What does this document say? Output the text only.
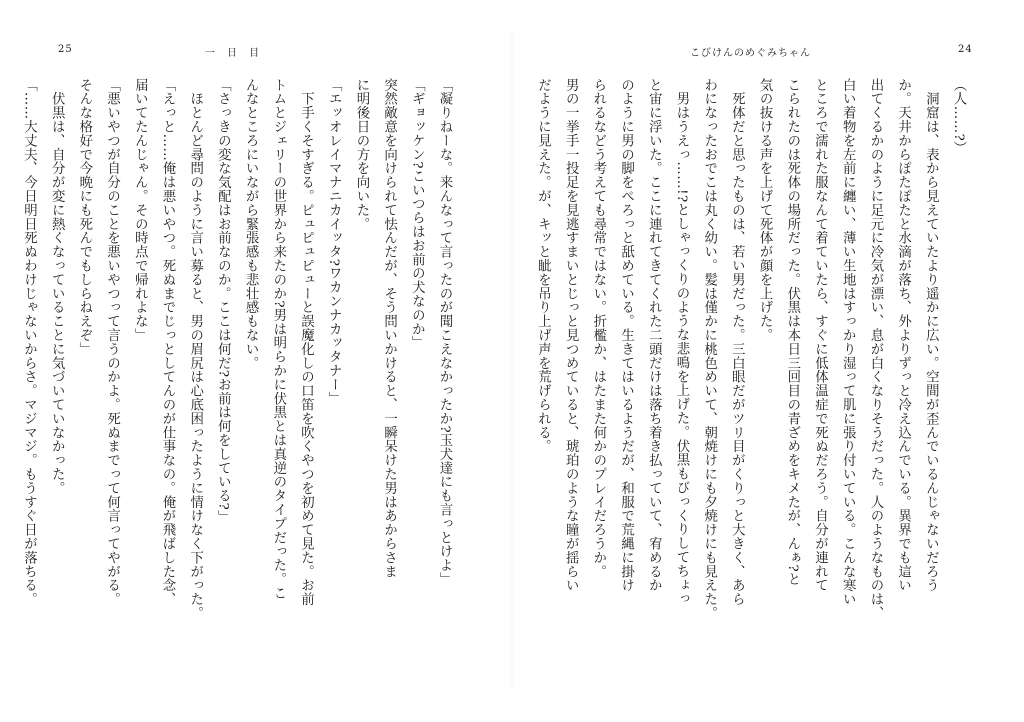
25	一　日　目

「凝りねーな。来んなって言ったのが聞こえなかったか?玉犬達にも言っとけよ」

「ギョッケン?こいつらはお前の犬なのか」

突然敵意を向けられて怯んだが、そう問いかけると、一瞬呆けた男はあからさま

に明後日の方を向いた。

「エッオレイマナニカイッタ?ワカンナカッタナー」

　下手くそすぎる。ピュピュピューと誤魔化しの口笛を吹くやつを初めて見た。お前

トムとジェリーの世界から来たのか?男は明らかに伏黒とは真逆のタイプだった。こ

んなところにいながら緊張感も悲壮感もない。

「さっきの変な気配はお前なのか。ここは何だ?お前は何をしている?」

　ほとんど尋問のように言い募ると、男の眉尻は心底困ったように情けなく下がった。

「えっと……俺は悪いやつ。死ぬまでじっとしてんのが仕事なの。俺が飛ばした念、

届いてたんじゃん。その時点で帰れよな」

「悪いやつが自分のことを悪いやつって言うのかよ。死ぬまでって何言ってやがる。

そんな格好で今晩にも死んでもしらねえぞ」

　伏黒は、自分が変に熱くなっていることに気づいていなかった。

「……大丈夫、今日明日死ぬわけじゃないからさ。マジマジ。もうすぐ日が落ちる。

こびけんのめぐみちゃん	24

（人……?）

　洞窟は、表から見えていたより遥かに広い。空間が歪んでいるんじゃないだろう

か。天井からぽたぽたと水滴が落ち、外よりずっと冷え込んでいる。異界でも這い

出てくるかのように足元に冷気が漂い、息が白くなりそうだった。人のようなものは、

白い着物を左前に纏い、薄い生地はすっかり湿って肌に張り付いている。こんな寒い

ところで濡れた服なんて着ていたら、すぐに低体温症で死ぬだろう。自分が連れて

こられたのは死体の場所だった。伏黒は本日三回目の青ざめをキメたが、んぁ?と

気の抜ける声を上げて死体が顔を上げた。

　死体だと思ったものは、若い男だった。三白眼だがツリ目がくりっと大きく、あら

わになったおでこは丸く幼い。髪は僅かに桃色めいて、朝焼けにも夕焼けにも見えた。

　男はうえっ……!?としゃっくりのような悲鳴を上げた。伏黒もびっくりしてちょっ

と宙に浮いた。ここに連れてきてくれた二頭だけは落ち着き払っていて、宥めるか

のように男の脚をぺろっと舐めている。生きてはいるようだが、和服で荒縄に掛け

られるなどう考えても尋常ではない。折檻か、はたまた何かのプレイだろうか。

男の一挙手一投足を見逃すまいとじっと見つめていると、琥珀のような瞳が揺らい

だように見えた。が、キッと眦を吊り上げ声を荒げられる。
